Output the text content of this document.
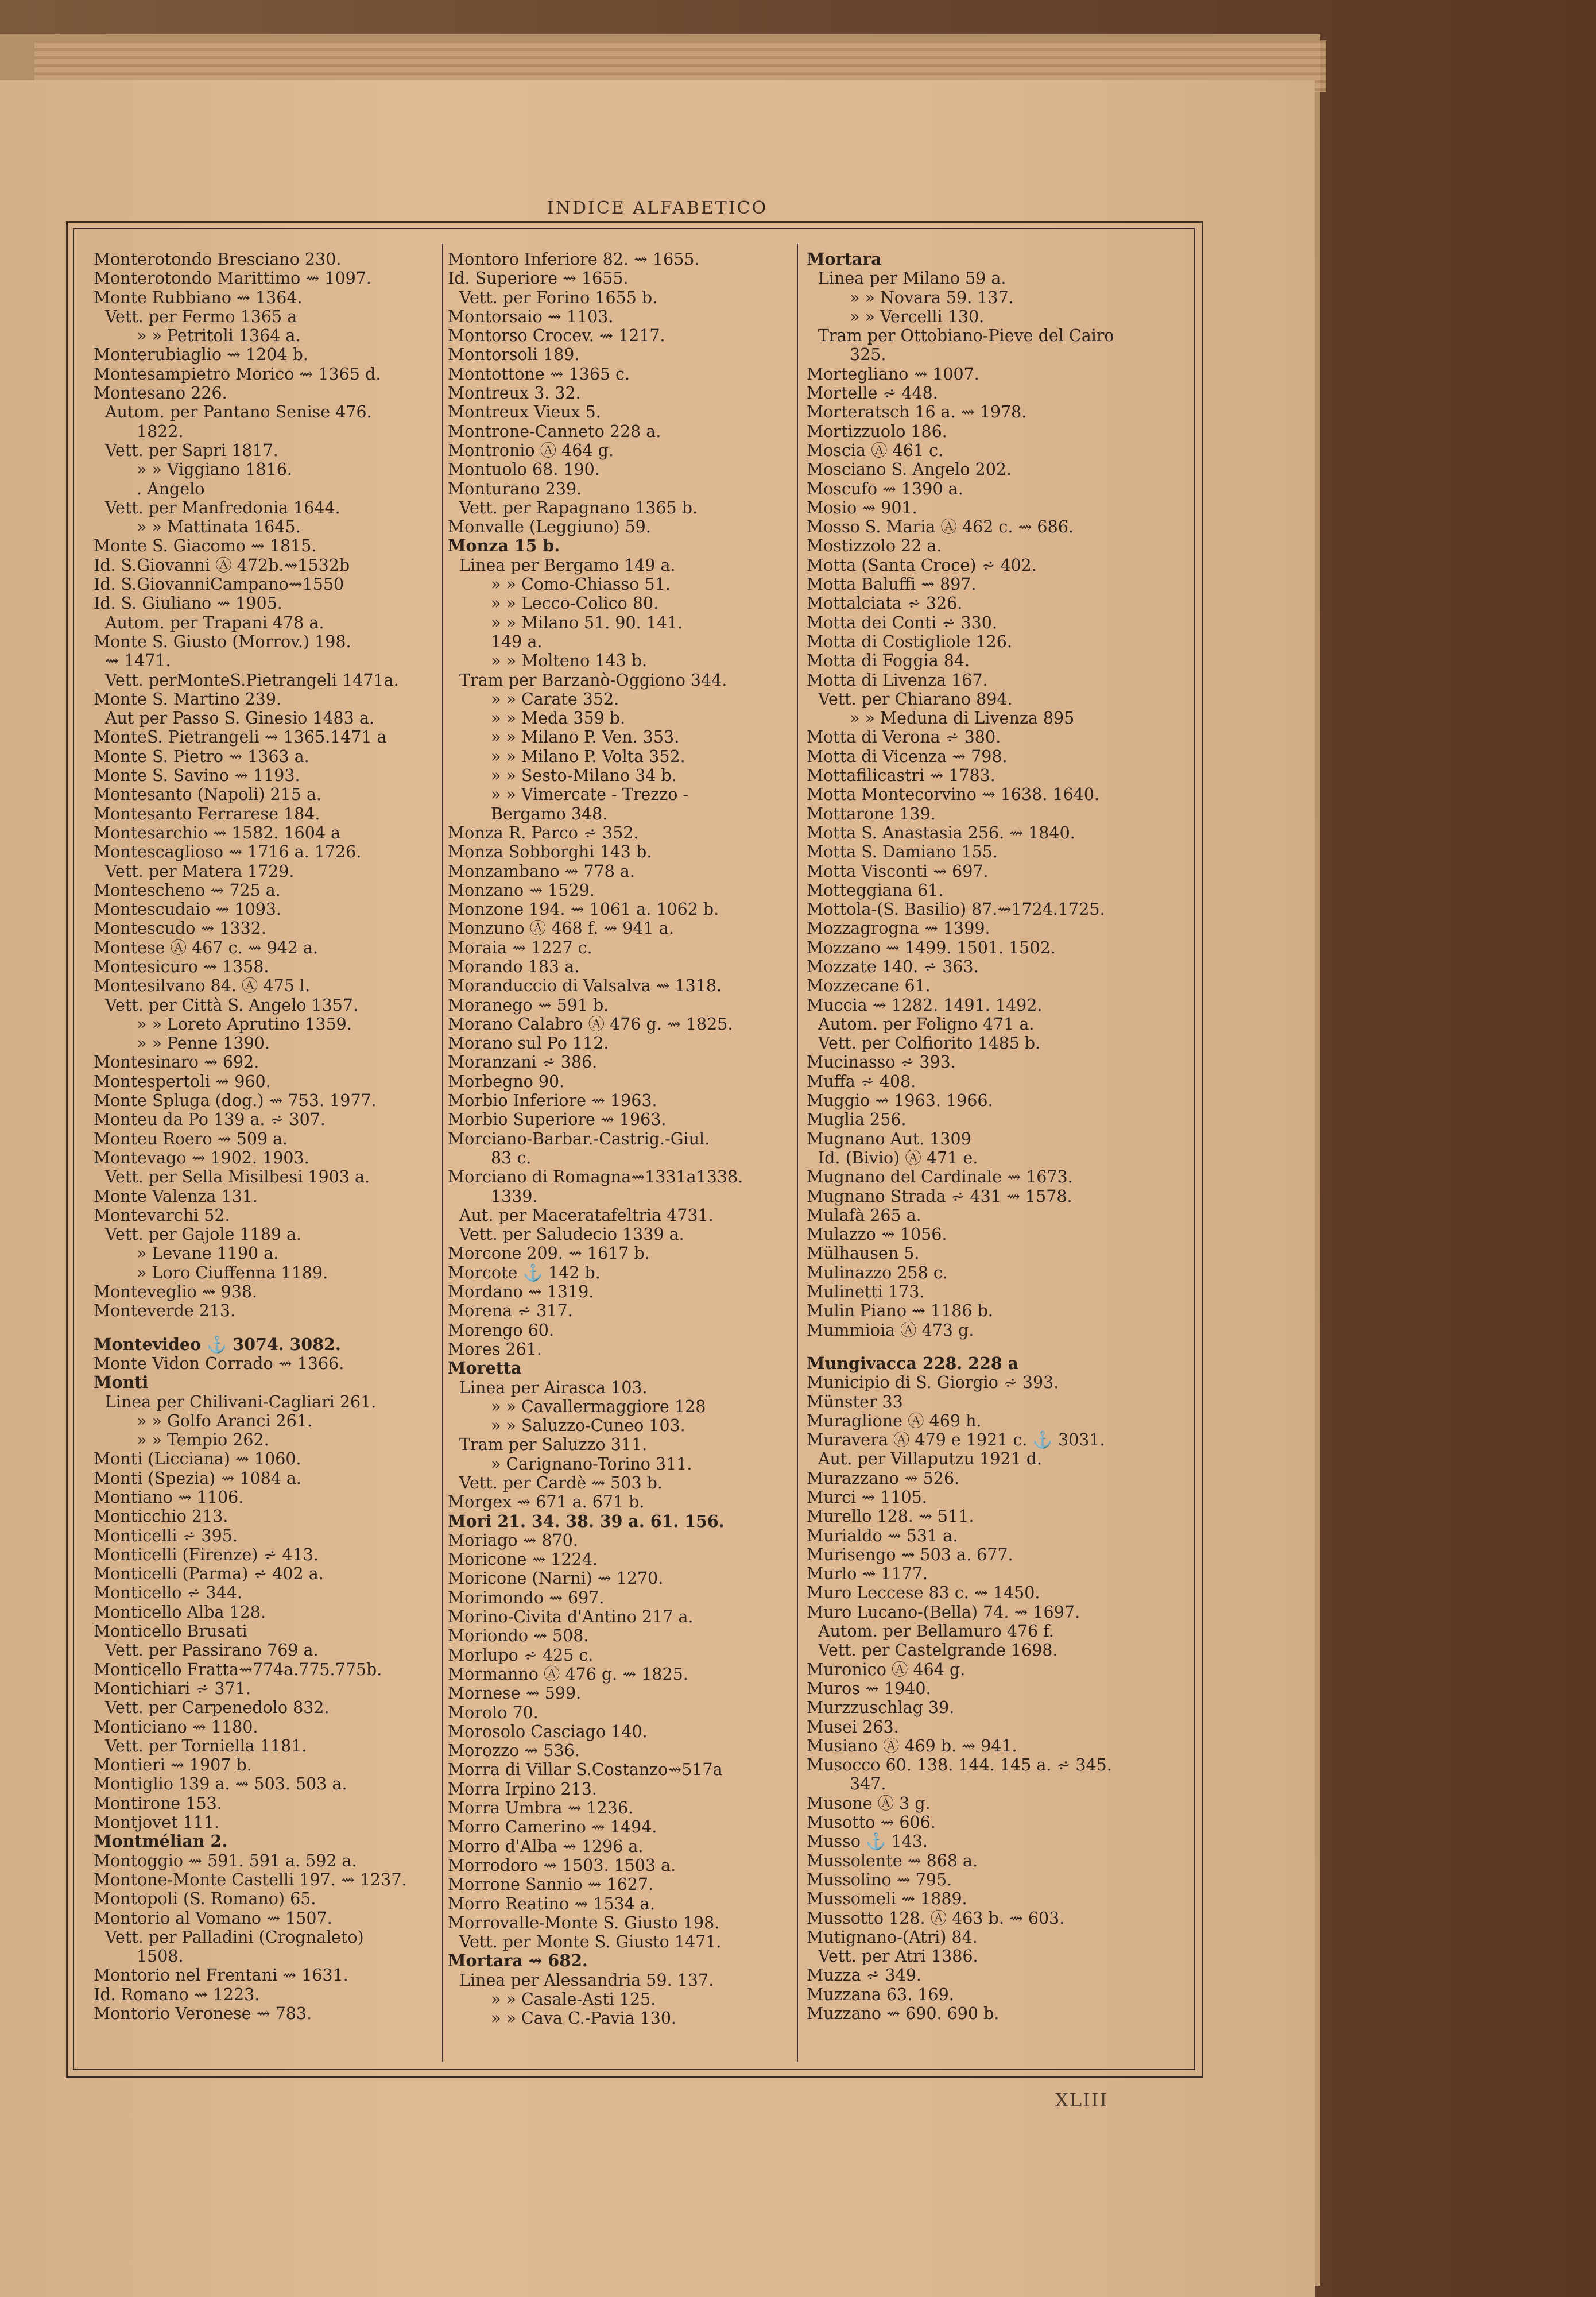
INDICE ALFABETICO
Monterotondo Bresciano 230.
Monterotondo Marittimo ⇝ 1097.
Monte Rubbiano ⇝ 1364.
Vett. per Fermo 1365 a
» » Petritoli 1364 a.
Monterubiaglio ⇝ 1204 b.
Montesampietro Morico ⇝ 1365 d.
Montesano 226.
Autom. per Pantano Senise 476.
1822.
Vett. per Sapri 1817.
» » Viggiano 1816.
. Angelo
Vett. per Manfredonia 1644.
» » Mattinata 1645.
Monte S. Giacomo ⇝ 1815.
Id. S.Giovanni Ⓐ 472b.⇝1532b
Id. S.GiovanniCampano⇝1550
Id. S. Giuliano ⇝ 1905.
Autom. per Trapani 478 a.
Monte S. Giusto (Morrov.) 198.
⇝ 1471.
Vett. perMonteS.Pietrangeli 1471a.
Monte S. Martino 239.
Aut per Passo S. Ginesio 1483 a.
MonteS. Pietrangeli ⇝ 1365.1471 a
Monte S. Pietro ⇝ 1363 a.
Monte S. Savino ⇝ 1193.
Montesanto (Napoli) 215 a.
Montesanto Ferrarese 184.
Montesarchio ⇝ 1582. 1604 a
Montescaglioso ⇝ 1716 a. 1726.
Vett. per Matera 1729.
Montescheno ⇝ 725 a.
Montescudaio ⇝ 1093.
Montescudo ⇝ 1332.
Montese Ⓐ 467 c. ⇝ 942 a.
Montesicuro ⇝ 1358.
Montesilvano 84. Ⓐ 475 l.
Vett. per Città S. Angelo 1357.
» » Loreto Aprutino 1359.
» » Penne 1390.
Montesinaro ⇝ 692.
Montespertoli ⇝ 960.
Monte Spluga (dog.) ⇝ 753. 1977.
Monteu da Po 139 a. ⩫ 307.
Monteu Roero ⇝ 509 a.
Montevago ⇝ 1902. 1903.
Vett. per Sella Misilbesi 1903 a.
Monte Valenza 131.
Montevarchi 52.
Vett. per Gajole 1189 a.
» Levane 1190 a.
» Loro Ciuffenna 1189.
Monteveglio ⇝ 938.
Monteverde 213.
Montevideo ⚓ 3074. 3082.
Monte Vidon Corrado ⇝ 1366.
Monti
Linea per Chilivani-Cagliari 261.
» » Golfo Aranci 261.
» » Tempio 262.
Monti (Licciana) ⇝ 1060.
Monti (Spezia) ⇝ 1084 a.
Montiano ⇝ 1106.
Monticchio 213.
Monticelli ⩫ 395.
Monticelli (Firenze) ⩫ 413.
Monticelli (Parma) ⩫ 402 a.
Monticello ⩫ 344.
Monticello Alba 128.
Monticello Brusati
Vett. per Passirano 769 a.
Monticello Fratta⇝774a.775.775b.
Montichiari ⩫ 371.
Vett. per Carpenedolo 832.
Monticiano ⇝ 1180.
Vett. per Torniella 1181.
Montieri ⇝ 1907 b.
Montiglio 139 a. ⇝ 503. 503 a.
Montirone 153.
Montjovet 111.
Montmélian 2.
Montoggio ⇝ 591. 591 a. 592 a.
Montone-Monte Castelli 197. ⇝ 1237.
Montopoli (S. Romano) 65.
Montorio al Vomano ⇝ 1507.
Vett. per Palladini (Crognaleto)
1508.
Montorio nel Frentani ⇝ 1631.
Id. Romano ⇝ 1223.
Montorio Veronese ⇝ 783.
Montoro Inferiore 82. ⇝ 1655.
Id. Superiore ⇝ 1655.
Vett. per Forino 1655 b.
Montorsaio ⇝ 1103.
Montorso Crocev. ⇝ 1217.
Montorsoli 189.
Montottone ⇝ 1365 c.
Montreux 3. 32.
Montreux Vieux 5.
Montrone-Canneto 228 a.
Montronio Ⓐ 464 g.
Montuolo 68. 190.
Monturano 239.
Vett. per Rapagnano 1365 b.
Monvalle (Leggiuno) 59.
Monza 15 b.
Linea per Bergamo 149 a.
» » Como-Chiasso 51.
» » Lecco-Colico 80.
» » Milano 51. 90. 141.
149 a.
» » Molteno 143 b.
Tram per Barzanò-Oggiono 344.
» » Carate 352.
» » Meda 359 b.
» » Milano P. Ven. 353.
» » Milano P. Volta 352.
» » Sesto-Milano 34 b.
» » Vimercate - Trezzo -
Bergamo 348.
Monza R. Parco ⩫ 352.
Monza Sobborghi 143 b.
Monzambano ⇝ 778 a.
Monzano ⇝ 1529.
Monzone 194. ⇝ 1061 a. 1062 b.
Monzuno Ⓐ 468 f. ⇝ 941 a.
Moraia ⇝ 1227 c.
Morando 183 a.
Moranduccio di Valsalva ⇝ 1318.
Moranego ⇝ 591 b.
Morano Calabro Ⓐ 476 g. ⇝ 1825.
Morano sul Po 112.
Moranzani ⩫ 386.
Morbegno 90.
Morbio Inferiore ⇝ 1963.
Morbio Superiore ⇝ 1963.
Morciano-Barbar.-Castrig.-Giul.
83 c.
Morciano di Romagna⇝1331a1338.
1339.
Aut. per Maceratafeltria 4731.
Vett. per Saludecio 1339 a.
Morcone 209. ⇝ 1617 b.
Morcote ⚓ 142 b.
Mordano ⇝ 1319.
Morena ⩫ 317.
Morengo 60.
Mores 261.
Moretta
Linea per Airasca 103.
» » Cavallermaggiore 128
» » Saluzzo-Cuneo 103.
Tram per Saluzzo 311.
» Carignano-Torino 311.
Vett. per Cardè ⇝ 503 b.
Morgex ⇝ 671 a. 671 b.
Mori 21. 34. 38. 39 a. 61. 156.
Moriago ⇝ 870.
Moricone ⇝ 1224.
Moricone (Narni) ⇝ 1270.
Morimondo ⇝ 697.
Morino-Civita d'Antino 217 a.
Moriondo ⇝ 508.
Morlupo ⩫ 425 c.
Mormanno Ⓐ 476 g. ⇝ 1825.
Mornese ⇝ 599.
Morolo 70.
Morosolo Casciago 140.
Morozzo ⇝ 536.
Morra di Villar S.Costanzo⇝517a
Morra Irpino 213.
Morra Umbra ⇝ 1236.
Morro Camerino ⇝ 1494.
Morro d'Alba ⇝ 1296 a.
Morrodoro ⇝ 1503. 1503 a.
Morrone Sannio ⇝ 1627.
Morro Reatino ⇝ 1534 a.
Morrovalle-Monte S. Giusto 198.
Vett. per Monte S. Giusto 1471.
Mortara ⇝ 682.
Linea per Alessandria 59. 137.
» » Casale-Asti 125.
» » Cava C.-Pavia 130.
Mortara
Linea per Milano 59 a.
» » Novara 59. 137.
» » Vercelli 130.
Tram per Ottobiano-Pieve del Cairo
325.
Mortegliano ⇝ 1007.
Mortelle ⩫ 448.
Morteratsch 16 a. ⇝ 1978.
Mortizzuolo 186.
Moscia Ⓐ 461 c.
Mosciano S. Angelo 202.
Moscufo ⇝ 1390 a.
Mosio ⇝ 901.
Mosso S. Maria Ⓐ 462 c. ⇝ 686.
Mostizzolo 22 a.
Motta (Santa Croce) ⩫ 402.
Motta Baluffi ⇝ 897.
Mottalciata ⩫ 326.
Motta dei Conti ⩫ 330.
Motta di Costigliole 126.
Motta di Foggia 84.
Motta di Livenza 167.
Vett. per Chiarano 894.
» » Meduna di Livenza 895
Motta di Verona ⩫ 380.
Motta di Vicenza ⇝ 798.
Mottafilicastri ⇝ 1783.
Motta Montecorvino ⇝ 1638. 1640.
Mottarone 139.
Motta S. Anastasia 256. ⇝ 1840.
Motta S. Damiano 155.
Motta Visconti ⇝ 697.
Motteggiana 61.
Mottola-(S. Basilio) 87.⇝1724.1725.
Mozzagrogna ⇝ 1399.
Mozzano ⇝ 1499. 1501. 1502.
Mozzate 140. ⩫ 363.
Mozzecane 61.
Muccia ⇝ 1282. 1491. 1492.
Autom. per Foligno 471 a.
Vett. per Colfiorito 1485 b.
Mucinasso ⩫ 393.
Muffa ⩫ 408.
Muggio ⇝ 1963. 1966.
Muglia 256.
Mugnano Aut. 1309
Id. (Bivio) Ⓐ 471 e.
Mugnano del Cardinale ⇝ 1673.
Mugnano Strada ⩫ 431 ⇝ 1578.
Mulafà 265 a.
Mulazzo ⇝ 1056.
Mülhausen 5.
Mulinazzo 258 c.
Mulinetti 173.
Mulin Piano ⇝ 1186 b.
Mummioia Ⓐ 473 g.
Mungivacca 228. 228 a
Municipio di S. Giorgio ⩫ 393.
Münster 33
Muraglione Ⓐ 469 h.
Muravera Ⓐ 479 e 1921 c. ⚓ 3031.
Aut. per Villaputzu 1921 d.
Murazzano ⇝ 526.
Murci ⇝ 1105.
Murello 128. ⇝ 511.
Murialdo ⇝ 531 a.
Murisengo ⇝ 503 a. 677.
Murlo ⇝ 1177.
Muro Leccese 83 c. ⇝ 1450.
Muro Lucano-(Bella) 74. ⇝ 1697.
Autom. per Bellamuro 476 f.
Vett. per Castelgrande 1698.
Muronico Ⓐ 464 g.
Muros ⇝ 1940.
Murzzuschlag 39.
Musei 263.
Musiano Ⓐ 469 b. ⇝ 941.
Musocco 60. 138. 144. 145 a. ⩫ 345.
347.
Musone Ⓐ 3 g.
Musotto ⇝ 606.
Musso ⚓ 143.
Mussolente ⇝ 868 a.
Mussolino ⇝ 795.
Mussomeli ⇝ 1889.
Mussotto 128. Ⓐ 463 b. ⇝ 603.
Mutignano-(Atri) 84.
Vett. per Atri 1386.
Muzza ⩫ 349.
Muzzana 63. 169.
Muzzano ⇝ 690. 690 b.
XLIII
